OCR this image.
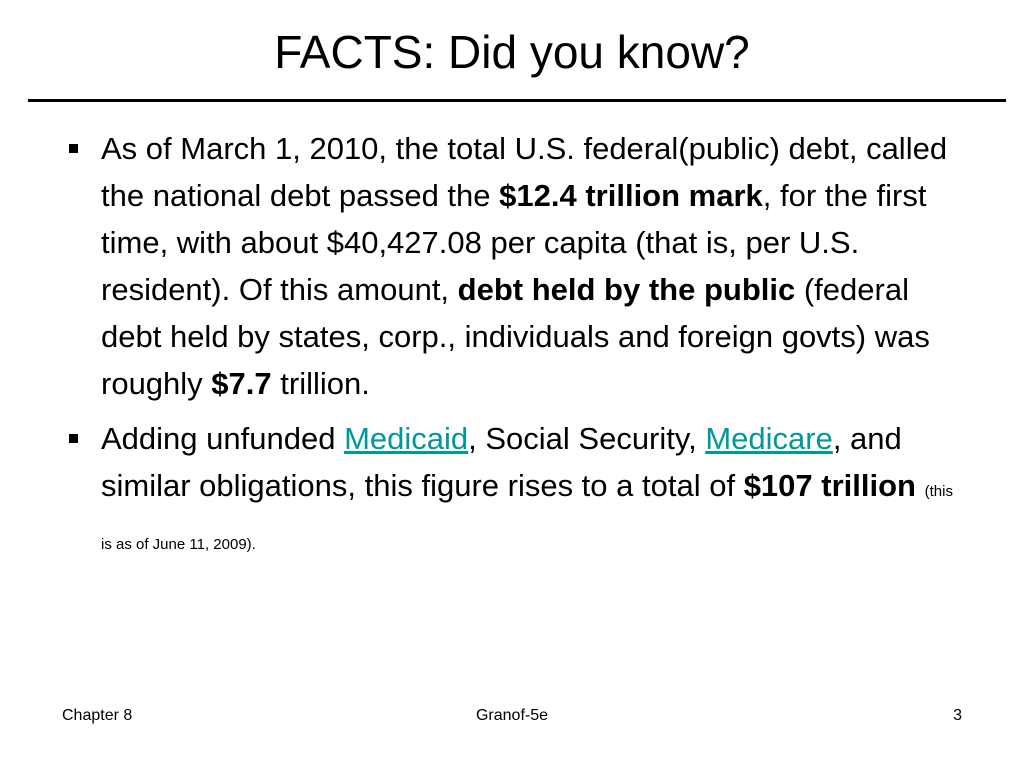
FACTS: Did you know?
As of March 1, 2010, the total U.S. federal(public) debt, called the national debt passed the $12.4 trillion mark, for the first time, with about $40,427.08 per capita (that is, per U.S. resident). Of this amount, debt held by the public (federal debt held by states, corp., individuals and foreign govts) was roughly $7.7 trillion.
Adding unfunded Medicaid, Social Security, Medicare, and similar obligations, this figure rises to a total of $107 trillion (this is as of June 11, 2009).
Chapter 8	Granof-5e	3
